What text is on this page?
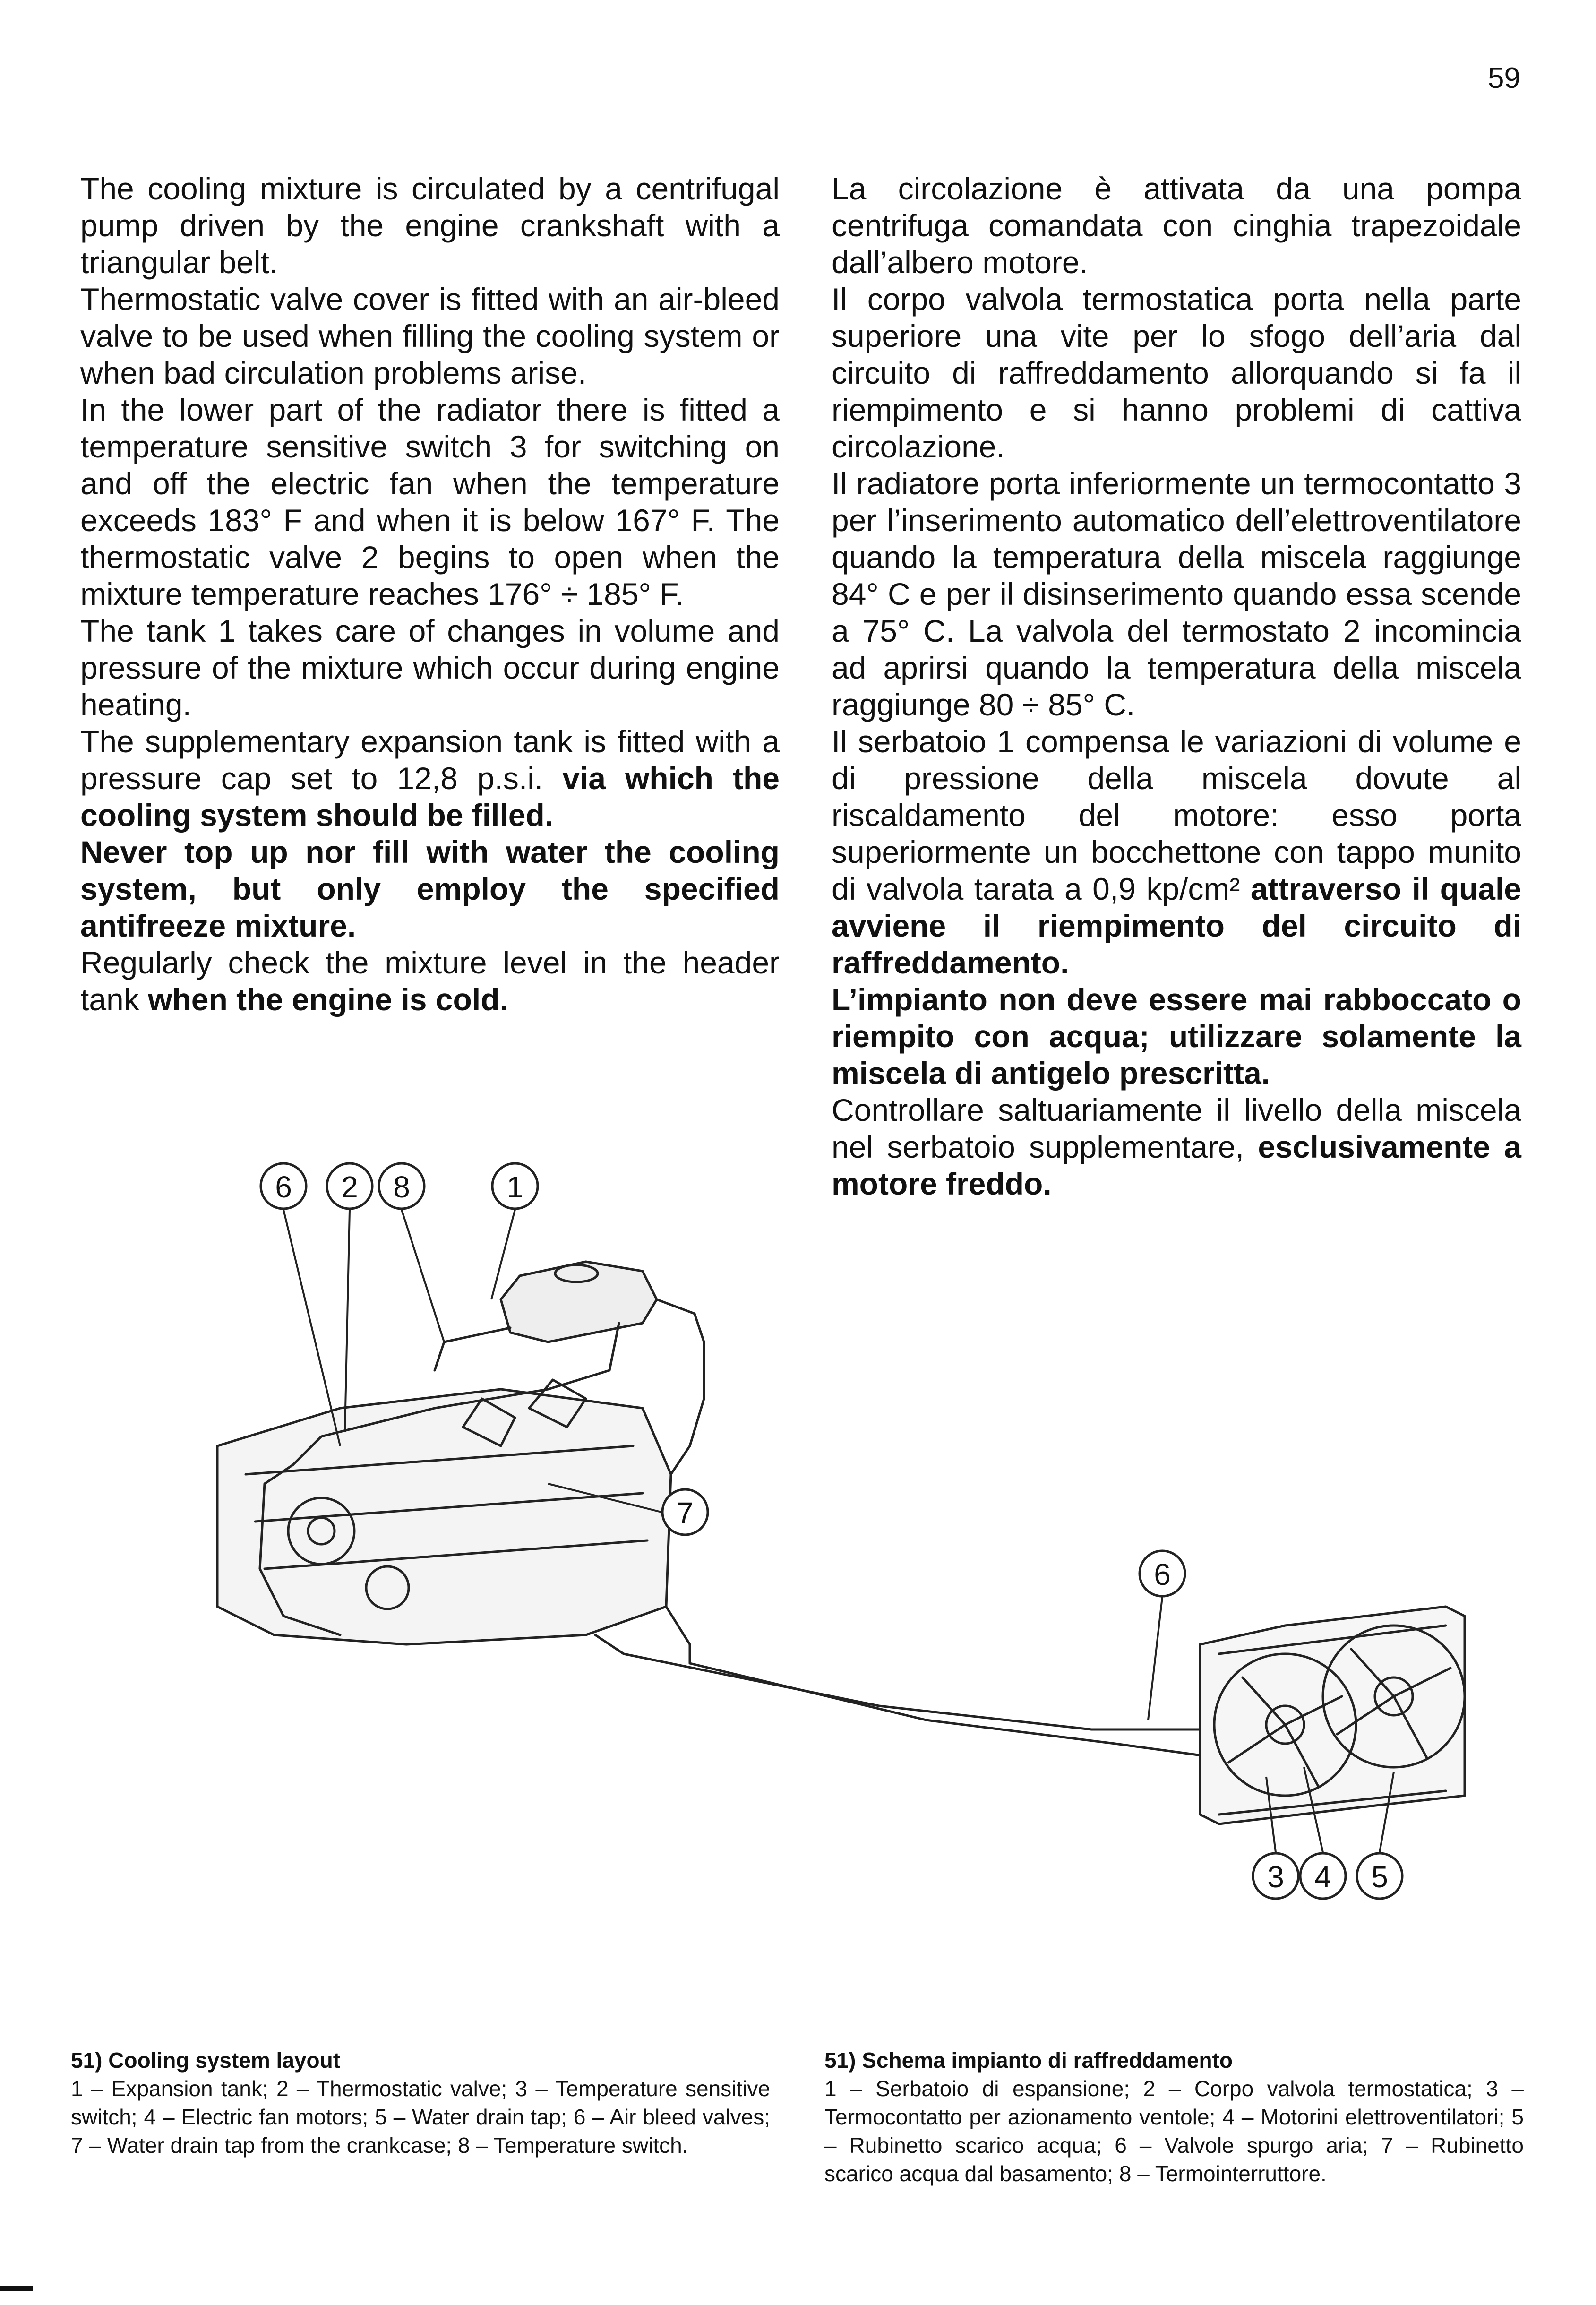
59

The cooling mixture is circulated by a centrifugal pump driven by the engine crankshaft with a triangular belt.

Thermostatic valve cover is fitted with an air-bleed valve to be used when filling the cooling system or when bad circulation problems arise.

In the lower part of the radiator there is fitted a temperature sensitive switch 3 for switching on and off the electric fan when the temperature exceeds 183° F and when it is below 167° F. The thermostatic valve 2 begins to open when the mixture temperature reaches 176° ÷ 185° F.

The tank 1 takes care of changes in volume and pressure of the mixture which occur during engine heating.

The supplementary expansion tank is fitted with a pressure cap set to 12,8 p.s.i. via which the cooling system should be filled.

Never top up nor fill with water the cooling system, but only employ the specified antifreeze mixture.

Regularly check the mixture level in the header tank when the engine is cold.

La circolazione è attivata da una pompa centrifuga comandata con cinghia trapezoidale dall’albero motore.

Il corpo valvola termostatica porta nella parte superiore una vite per lo sfogo dell’aria dal circuito di raffreddamento allorquando si fa il riempimento e si hanno problemi di cattiva circolazione.

Il radiatore porta inferiormente un termocontatto 3 per l’inserimento automatico dell’elettroventilatore quando la temperatura della miscela raggiunge 84° C e per il disinserimento quando essa scende a 75° C. La valvola del termostato 2 incomincia ad aprirsi quando la temperatura della miscela raggiunge 80 ÷ 85° C.

Il serbatoio 1 compensa le variazioni di volume e di pressione della miscela dovute al riscaldamento del motore: esso porta superiormente un bocchettone con tappo munito di valvola tarata a 0,9 kp/cm² attraverso il quale avviene il riempimento del circuito di raffreddamento.

L’impianto non deve essere mai rabboccato o riempito con acqua; utilizzare solamente la miscela di antigelo prescritta.

Controllare saltuariamente il livello della miscela nel serbatoio supplementare, esclusivamente a motore freddo.

6 2 8	1
7
6
3 4 5
51) Cooling system layout

1 – Expansion tank; 2 – Thermostatic valve; 3 – Temperature sensitive switch; 4 – Electric fan motors; 5 – Water drain tap; 6 – Air bleed valves; 7 – Water drain tap from the crankcase; 8 – Temperature switch.

51) Schema impianto di raffreddamento

1 – Serbatoio di espansione; 2 – Corpo valvola termostatica; 3 – Termocontatto per azionamento ventole; 4 – Motorini elettroventilatori; 5 – Rubinetto scarico acqua; 6 – Valvole spurgo aria; 7 – Rubinetto scarico acqua dal basamento; 8 – Termointerruttore.
